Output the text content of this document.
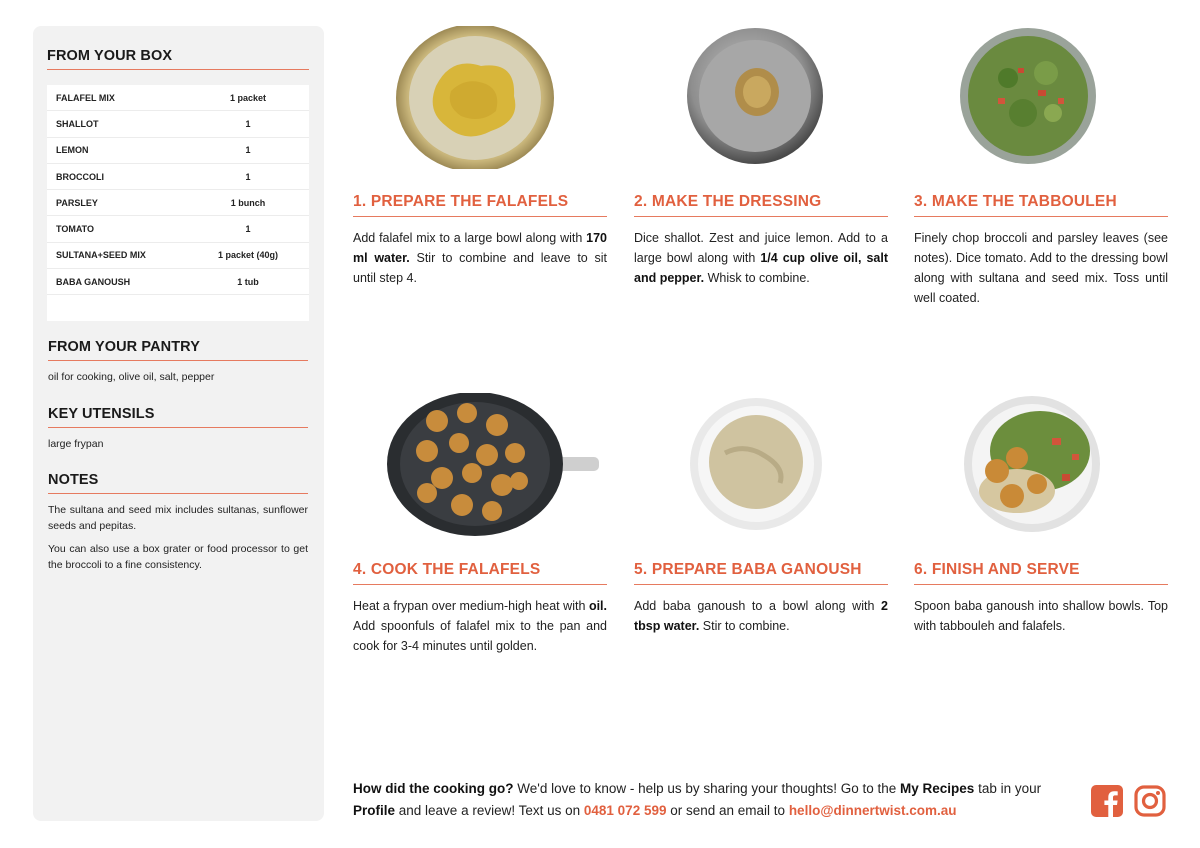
FROM YOUR BOX
FALAFEL MIX	1 packet
SHALLOT	1
LEMON	1
BROCCOLI	1
PARSLEY	1 bunch
TOMATO	1
SULTANA+SEED MIX	1 packet (40g)
BABA GANOUSH	1 tub
FROM YOUR PANTRY
oil for cooking, olive oil, salt, pepper
KEY UTENSILS
large frypan
NOTES
The sultana and seed mix includes sultanas, sunflower seeds and pepitas.
You can also use a box grater or food processor to get the broccoli to a fine consistency.
1. PREPARE THE FALAFELS
Add falafel mix to a large bowl along with 170 ml water. Stir to combine and leave to sit until step 4.
2. MAKE THE DRESSING
Dice shallot. Zest and juice lemon. Add to a large bowl along with 1/4 cup olive oil, salt and pepper. Whisk to combine.
3. MAKE THE TABBOULEH
Finely chop broccoli and parsley leaves (see notes). Dice tomato. Add to the dressing bowl along with sultana and seed mix. Toss until well coated.
4. COOK THE FALAFELS
Heat a frypan over medium-high heat with oil. Add spoonfuls of falafel mix to the pan and cook for 3-4 minutes until golden.
5. PREPARE BABA GANOUSH
Add baba ganoush to a bowl along with 2 tbsp water. Stir to combine.
6. FINISH AND SERVE
Spoon baba ganoush into shallow bowls. Top with tabbouleh and falafels.
How did the cooking go? We'd love to know - help us by sharing your thoughts! Go to the My Recipes tab in your Profile and leave a review! Text us on 0481 072 599 or send an email to hello@dinnertwist.com.au
